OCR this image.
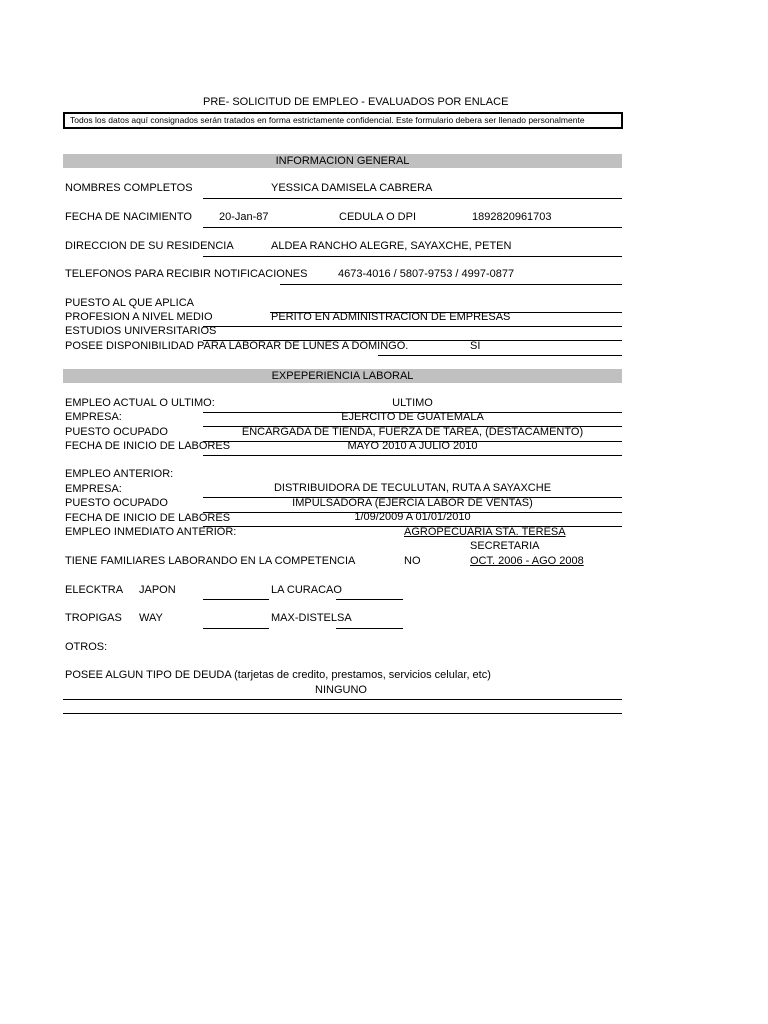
PRE- SOLICITUD DE EMPLEO - EVALUADOS POR ENLACE
Todos los datos aquí consignados serán tratados en forma estrictamente confidencial. Este formulario debera ser llenado personalmente
INFORMACION GENERAL
NOMBRES COMPLETOS	YESSICA DAMISELA CABRERA
FECHA DE NACIMIENTO 20-Jan-87	CEDULA O DPI	1892820961703
DIRECCION DE SU RESIDENCIA	ALDEA RANCHO ALEGRE, SAYAXCHE, PETEN
TELEFONOS PARA RECIBIR NOTIFICACIONES	4673-4016 / 5807-9753 / 4997-0877
PUESTO AL QUE APLICA
PROFESION A NIVEL MEDIO	PERITO EN ADMINISTRACION DE EMPRESAS
ESTUDIOS UNIVERSITARIOS
POSEE DISPONIBILIDAD PARA LABORAR DE LUNES A DOMINGO.	SI
EXPEPERIENCIA LABORAL
EMPLEO ACTUAL O ULTIMO:	ULTIMO
EMPRESA:	EJERCITO DE GUATEMALA
PUESTO OCUPADO	ENCARGADA DE TIENDA, FUERZA DE TAREA, (DESTACAMENTO)
FECHA DE INICIO DE LABORES	MAYO 2010 A JULIO 2010
EMPLEO ANTERIOR:
EMPRESA:	DISTRIBUIDORA DE TECULUTAN, RUTA A SAYAXCHE
PUESTO OCUPADO	IMPULSADORA (EJERCIA LABOR DE VENTAS)
FECHA DE INICIO DE LABORES	1/09/2009 A 01/01/2010
EMPLEO INMEDIATO ANTERIOR:	AGROPECUARIA STA. TERESA
SECRETARIA
TIENE FAMILIARES LABORANDO EN LA COMPETENCIA	NO	OCT. 2006 - AGO 2008
ELECKTRA JAPON	LA CURACAO
TROPIGAS WAY	MAX-DISTELSA
OTROS:
POSEE ALGUN TIPO DE DEUDA (tarjetas de credito, prestamos, servicios celular, etc)
NINGUNO
